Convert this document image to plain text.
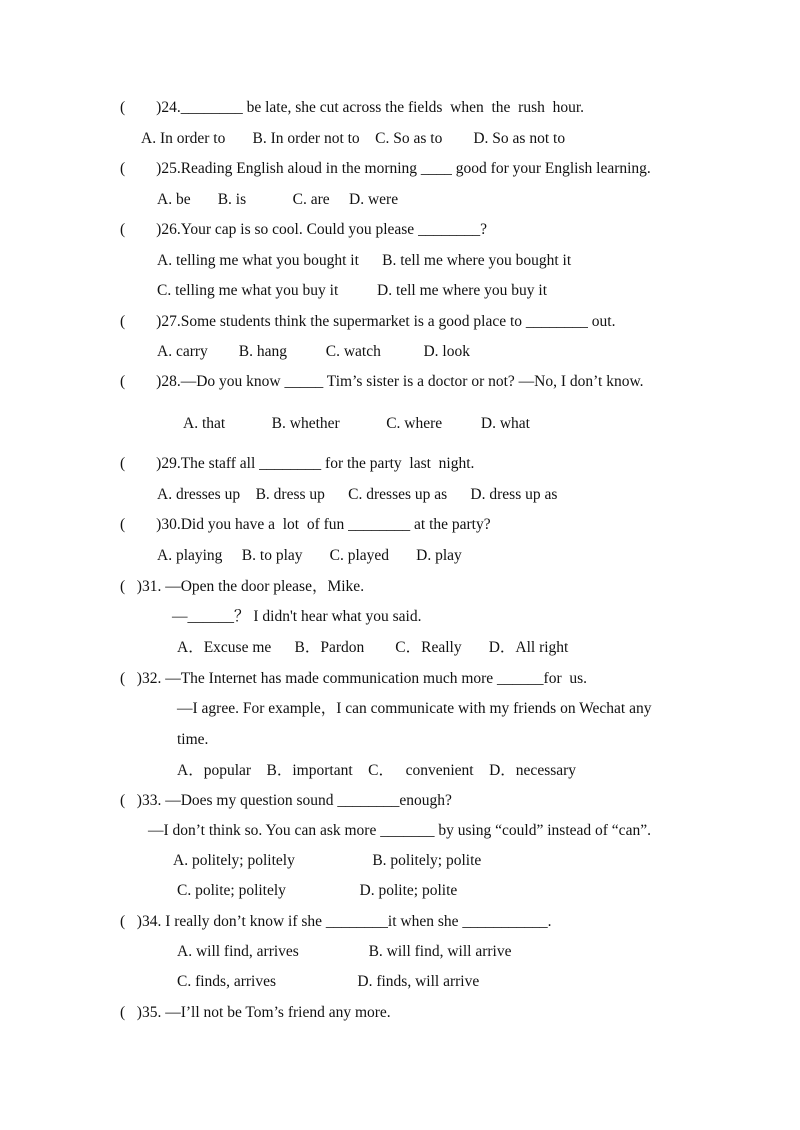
(        )24.________ be late, she cut across the fields  when  the  rush  hour.
A. In order to       B. In order not to    C. So as to        D. So as not to
(        )25.Reading English aloud in the morning ____ good for your English learning.
A. be       B. is            C. are     D. were
(        )26.Your cap is so cool. Could you please ________?
A. telling me what you bought it      B. tell me where you bought it
C. telling me what you buy it          D. tell me where you buy it
(        )27.Some students think the supermarket is a good place to ________ out.
A. carry        B. hang          C. watch           D. look
(        )28.—Do you know _____ Tim’s sister is a doctor or not? —No, I don’t know.
A. that            B. whether            C. where          D. what
(        )29.The staff all ________ for the party  last  night.
A. dresses up    B. dress up      C. dresses up as      D. dress up as
(        )30.Did you have a  lot  of fun ________ at the party?
A. playing     B. to play       C. played       D. play
(   )31. —Open the door please，Mike.
—______？ I didn't hear what you said.
A．Excuse me      B．Pardon        C．Really       D．All right
(   )32. —The Internet has made communication much more ______for  us.
—I agree. For example，I can communicate with my friends on Wechat any
time.
A．popular    B．important    C．   convenient    D．necessary
(   )33. —Does my question sound ________enough?
—I don’t think so. You can ask more _______ by using “could” instead of “can”.
A. politely; politely                    B. politely; polite
C. polite; politely                   D. polite; polite
(   )34. I really don’t know if she ________it when she ___________.
A. will find, arrives                  B. will find, will arrive
C. finds, arrives                     D. finds, will arrive
(   )35. —I’ll not be Tom’s friend any more.
